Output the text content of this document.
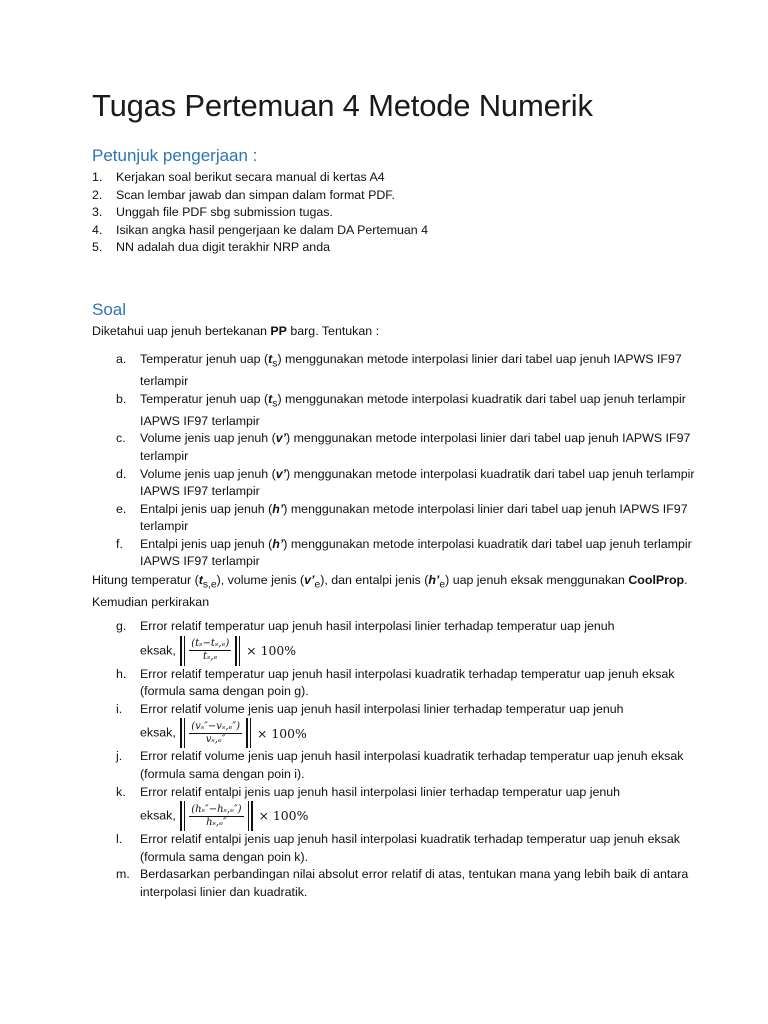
Tugas Pertemuan 4 Metode Numerik
Petunjuk pengerjaan :
1. Kerjakan soal berikut secara manual di kertas A4
2. Scan lembar jawab dan simpan dalam format PDF.
3. Unggah file PDF sbg submission tugas.
4. Isikan angka hasil pengerjaan ke dalam DA Pertemuan 4
5. NN adalah dua digit terakhir NRP anda
Soal

Diketahui uap jenuh bertekanan PP barg. Tentukan :

a. Temperatur jenuh uap $(t_s)$ menggunakan metode interpolasi linier dari tabel uap jenuh IAPWS IF97 terlampir
b. Temperatur jenuh uap $(t_s)$ menggunakan metode interpolasi kuadratik dari tabel uap jenuh terlampir IAPWS IF97 terlampir
c. Volume jenis uap jenuh (v’) menggunakan metode interpolasi linier dari tabel uap jenuh IAPWS IF97 terlampir
d. Volume jenis uap jenuh (v’) menggunakan metode interpolasi kuadratik dari tabel uap jenuh terlampir IAPWS IF97 terlampir
e. Entalpi jenis uap jenuh (h’) menggunakan metode interpolasi linier dari tabel uap jenuh IAPWS IF97 terlampir
f. Entalpi jenis uap jenuh (h’) menggunakan metode interpolasi kuadratik dari tabel uap jenuh terlampir IAPWS IF97 terlampir

Hitung temperatur $(t_{s,e})$, volume jenis $(v’_e)$, dan entalpi jenis $(h’_e)$ uap jenuh eksak menggunakan CoolProp. Kemudian perkirakan

g. Error relatif temperatur uap jenuh hasil interpolasi linier terhadap temperatur uap jenuh
eksak, $\frac{\text{(tₛ−tₛ,ₑ)}}{\text{tₛ,ₑ}} \times 100\%$
h. Error relatif temperatur uap jenuh hasil interpolasi kuadratik terhadap temperatur uap jenuh eksak (formula sama dengan poin g).
i. Error relatif volume jenis uap jenuh hasil interpolasi linier terhadap temperatur uap jenuh
eksak, $\frac{\text{(vₛ″−vₛ,ₑ″)}}{\text{vₛ,ₑ″}} \times 100\%$
j. Error relatif volume jenis uap jenuh hasil interpolasi kuadratik terhadap temperatur uap jenuh eksak (formula sama dengan poin i).
k. Error relatif entalpi jenis uap jenuh hasil interpolasi linier terhadap temperatur uap jenuh
eksak, $\frac{\text{(hₛ″−hₛ,ₑ″)}}{\text{hₛ,ₑ″}} \times 100\%$
l. Error relatif entalpi jenis uap jenuh hasil interpolasi kuadratik terhadap temperatur uap jenuh eksak (formula sama dengan poin k).
m. Berdasarkan perbandingan nilai absolut error relatif di atas, tentukan mana yang lebih baik di antara interpolasi linier dan kuadratik.
